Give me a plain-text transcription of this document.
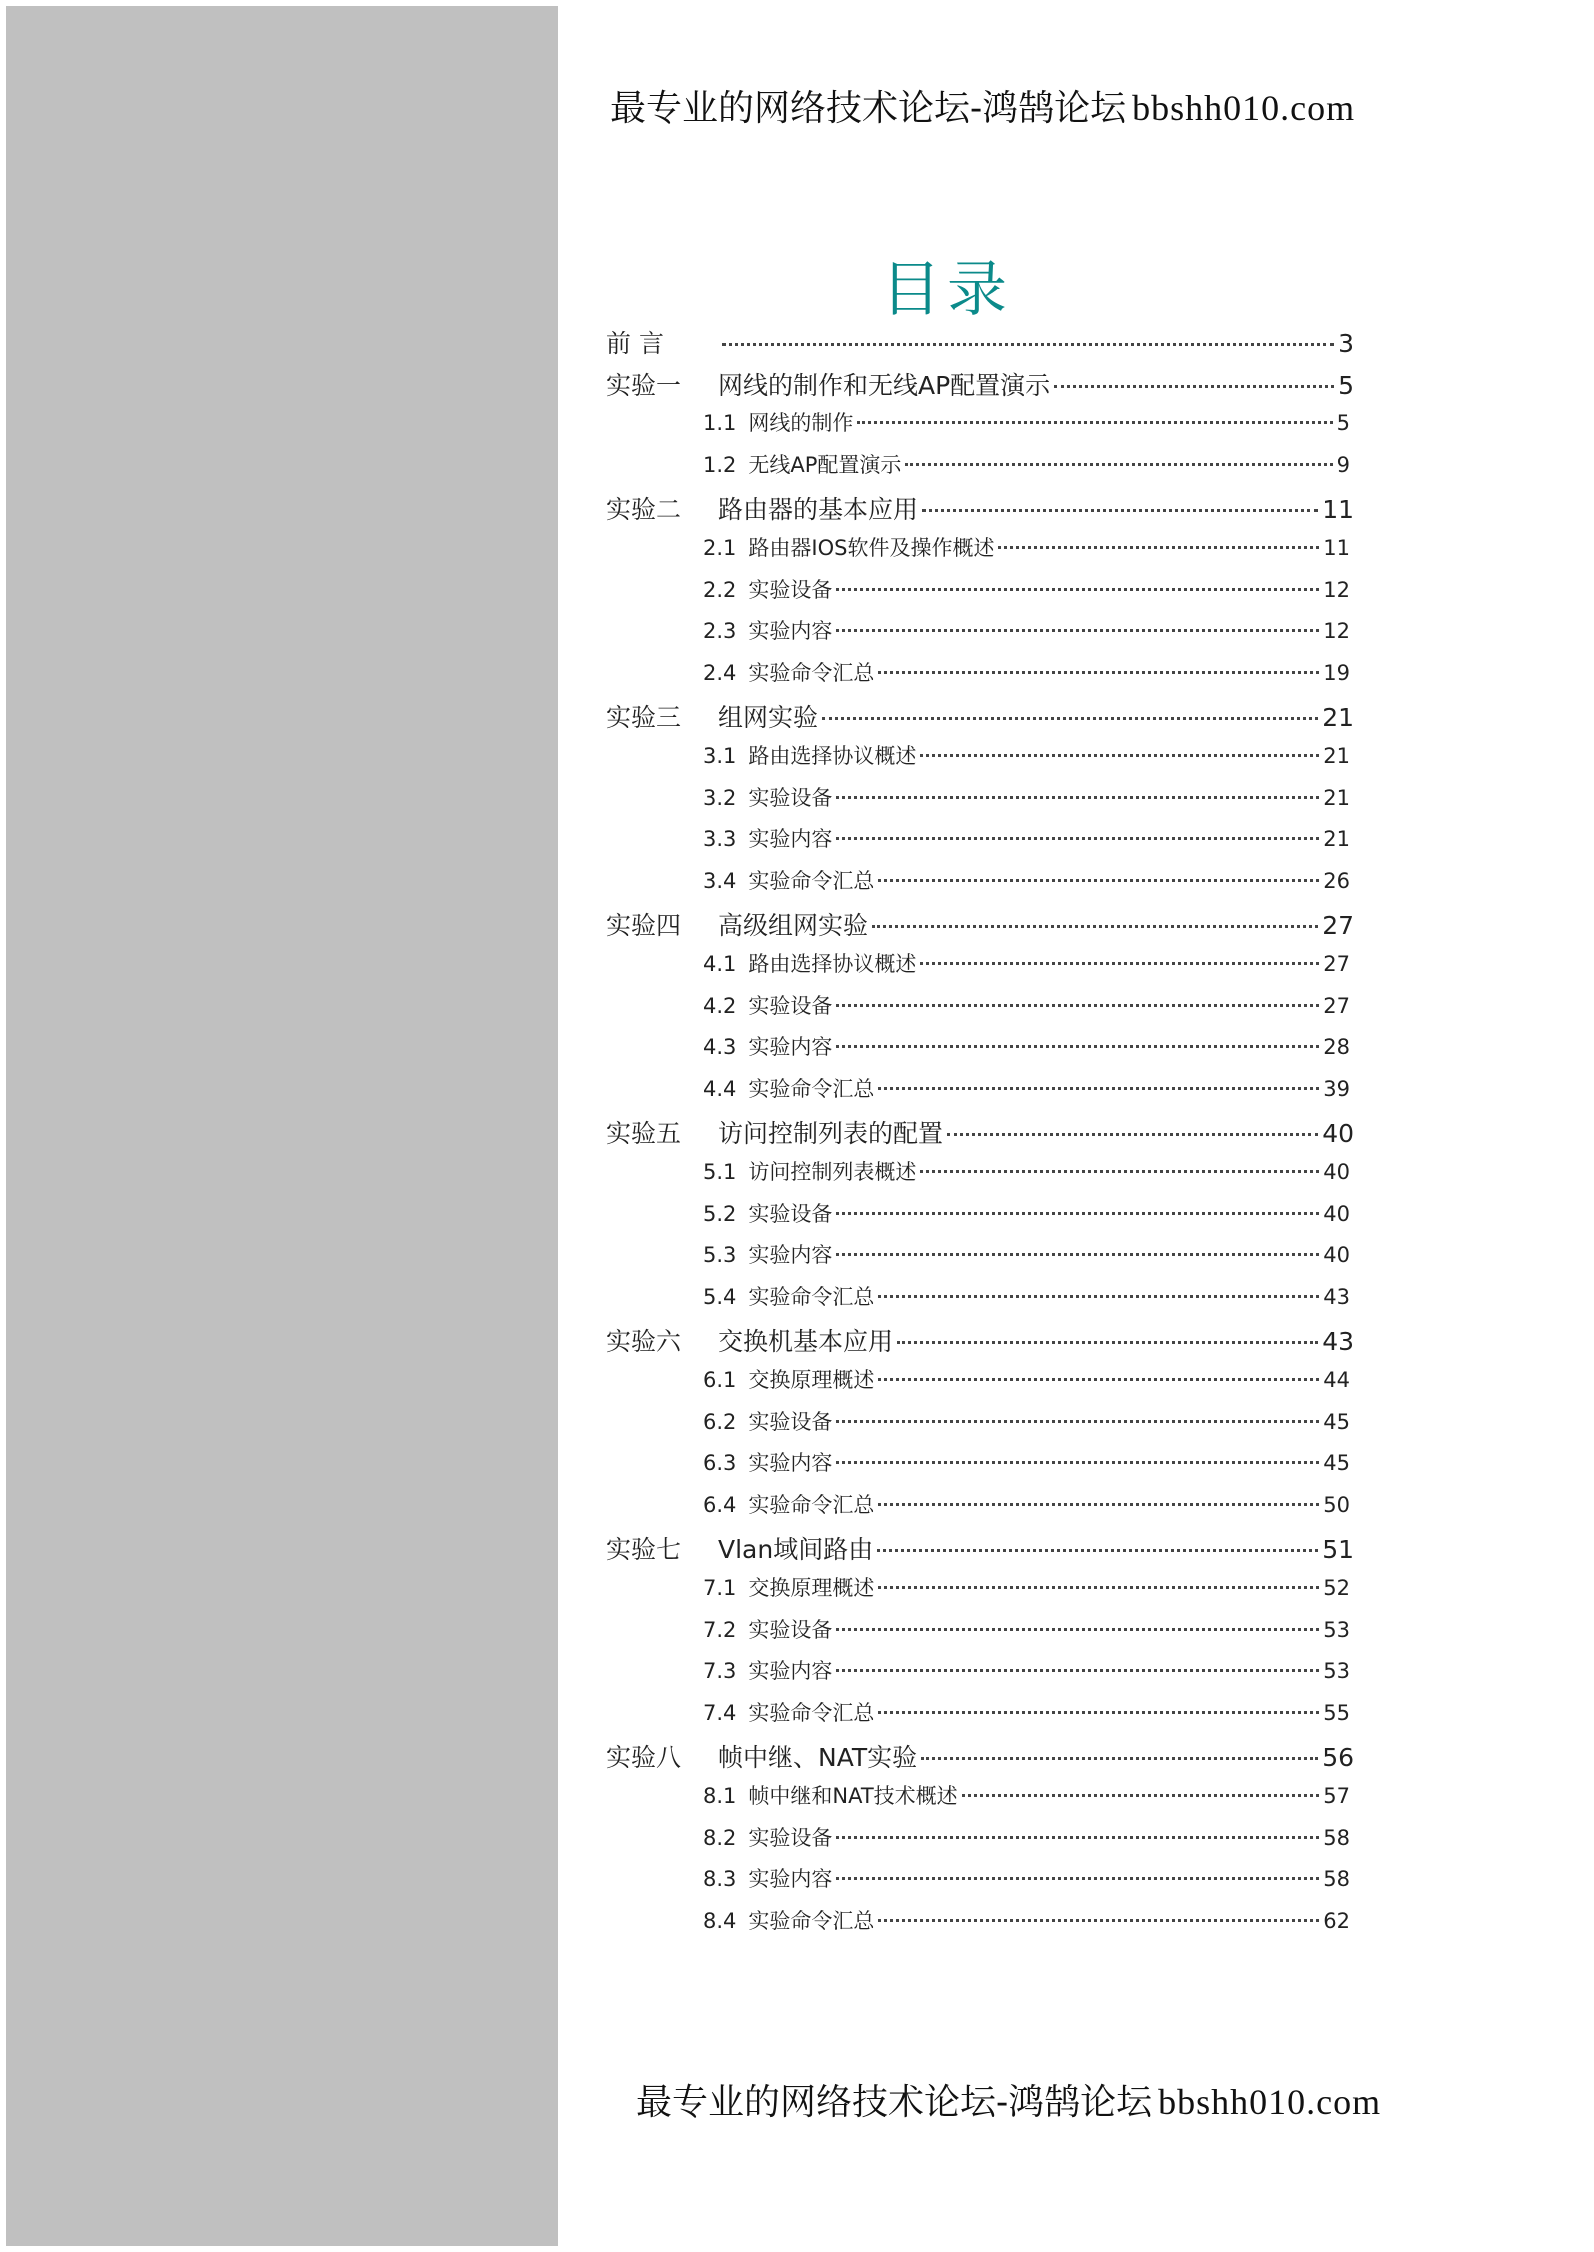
最专业的网络技术论坛-鸿鹄论坛 bbshh010.com
目录
前 言	3
实验一	网线的制作和无线AP配置演示	5
1.1 网线的制作	5
1.2 无线AP配置演示	9
实验二	路由器的基本应用	11
2.1 路由器IOS软件及操作概述	11
2.2 实验设备	12
2.3 实验内容	12
2.4 实验命令汇总	19
实验三	组网实验	21
3.1 路由选择协议概述	21
3.2 实验设备	21
3.3 实验内容	21
3.4 实验命令汇总	26
实验四	高级组网实验	27
4.1 路由选择协议概述	27
4.2 实验设备	27
4.3 实验内容	28
4.4 实验命令汇总	39
实验五	访问控制列表的配置	40
5.1 访问控制列表概述	40
5.2 实验设备	40
5.3 实验内容	40
5.4 实验命令汇总	43
实验六	交换机基本应用	43
6.1 交换原理概述	44
6.2 实验设备	45
6.3 实验内容	45
6.4 实验命令汇总	50
实验七	Vlan域间路由	51
7.1 交换原理概述	52
7.2 实验设备	53
7.3 实验内容	53
7.4 实验命令汇总	55
实验八	帧中继、NAT实验	56
8.1 帧中继和NAT技术概述	57
8.2 实验设备	58
8.3 实验内容	58
8.4 实验命令汇总	62
最专业的网络技术论坛-鸿鹄论坛 bbshh010.com
